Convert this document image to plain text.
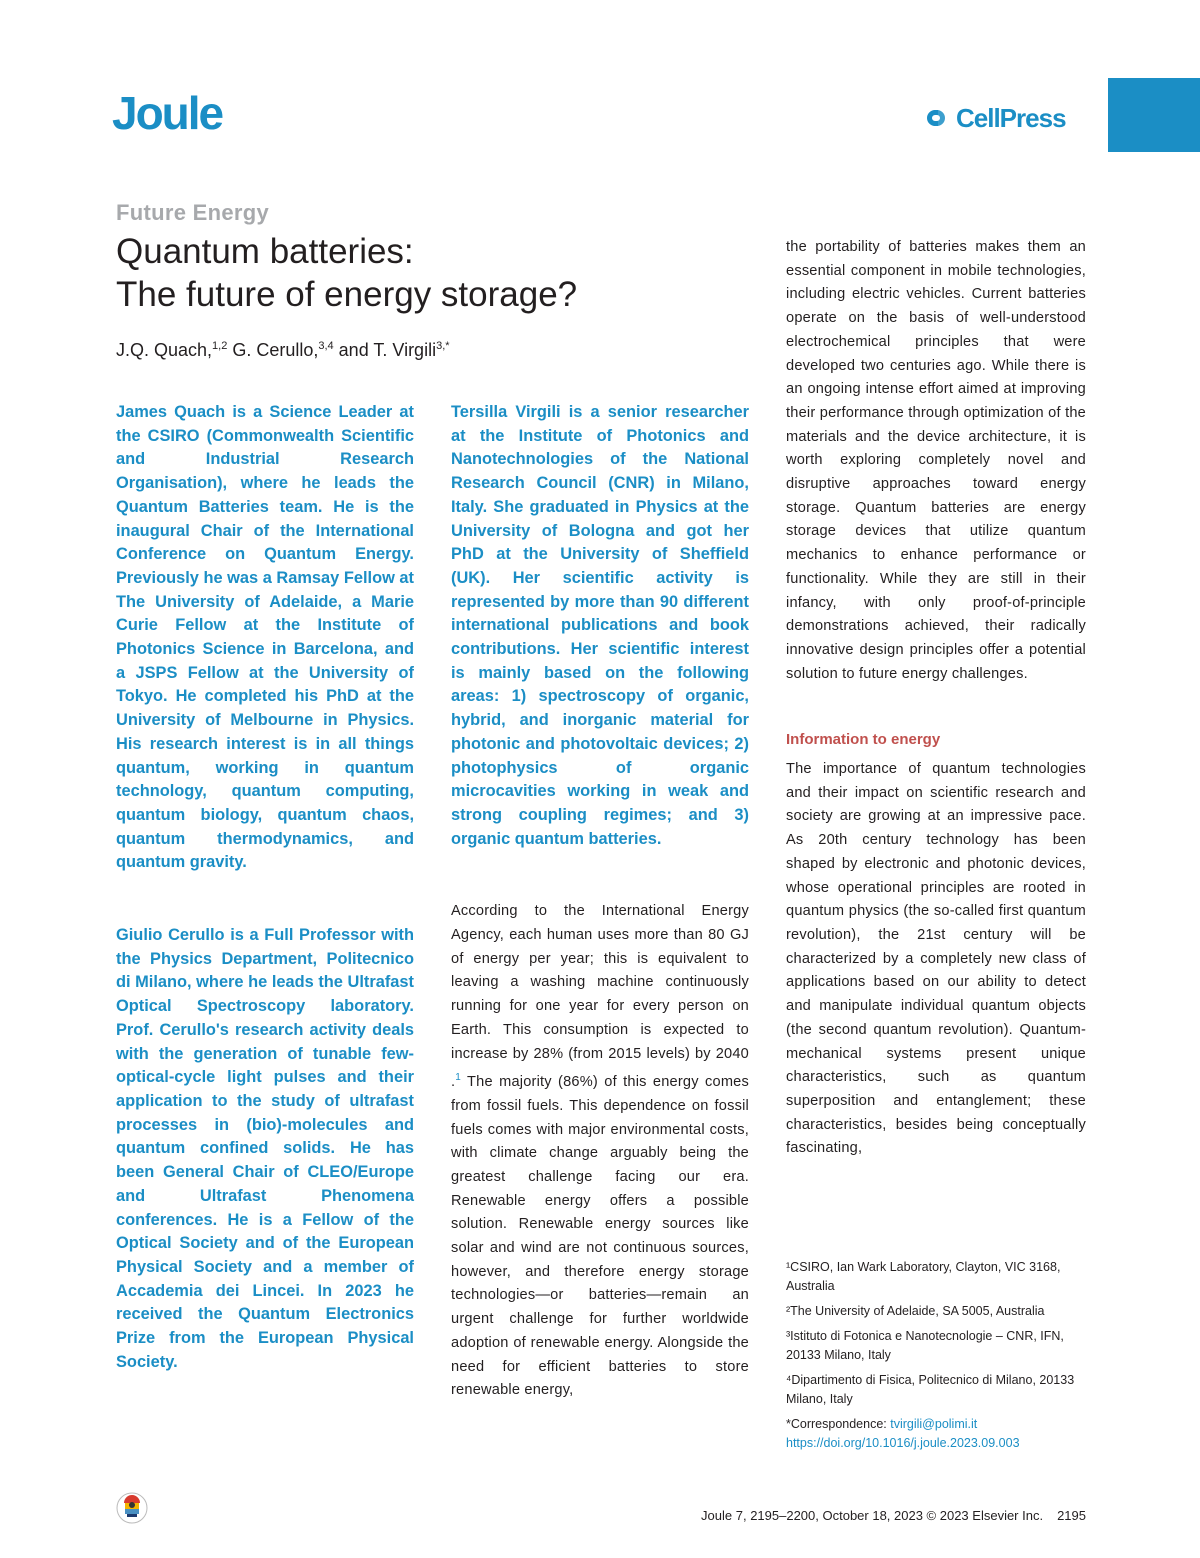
Joule	CellPress
Future Energy
Quantum batteries:
The future of energy storage?
J.Q. Quach,$^{1,2}$ G. Cerullo,$^{3,4}$ and T. Virgili$^{3,*}$

James Quach is a Science Leader at the CSIRO (Commonwealth Scientific and Industrial Research Organisation), where he leads the Quantum Batteries team. He is the inaugural Chair of the International Conference on Quantum Energy. Previously he was a Ramsay Fellow at The University of Adelaide, a Marie Curie Fellow at the Institute of Photonics Science in Barcelona, and a JSPS Fellow at the University of Tokyo. He completed his PhD at the University of Melbourne in Physics. His research interest is in all things quantum, working in quantum technology, quantum computing, quantum biology, quantum chaos, quantum thermodynamics, and quantum gravity.

Giulio Cerullo is a Full Professor with the Physics Department, Politecnico di Milano, where he leads the Ultrafast Optical Spectroscopy laboratory. Prof. Cerullo's research activity deals with the generation of tunable few-optical-cycle light pulses and their application to the study of ultrafast processes in (bio)-molecules and quantum confined solids. He has been General Chair of CLEO/Europe and Ultrafast Phenomena conferences. He is a Fellow of the Optical Society and of the European Physical Society and a member of Accademia dei Lincei. In 2023 he received the Quantum Electronics Prize from the European Physical Society.

Tersilla Virgili is a senior researcher at the Institute of Photonics and Nanotechnologies of the National Research Council (CNR) in Milano, Italy. She graduated in Physics at the University of Bologna and got her PhD at the University of Sheffield (UK). Her scientific activity is represented by more than 90 different international publications and book contributions. Her scientific interest is mainly based on the following areas: 1) spectroscopy of organic, hybrid, and inorganic material for photonic and photovoltaic devices; 2) photophysics of organic microcavities working in weak and strong coupling regimes; and 3) organic quantum batteries.

According to the International Energy Agency, each human uses more than 80 GJ of energy per year; this is equivalent to leaving a washing machine continuously running for one year for every person on Earth. This consumption is expected to increase by 28% (from 2015 levels) by 2040 .$^1$ The majority (86%) of this energy comes from fossil fuels. This dependence on fossil fuels comes with major environmental costs, with climate change arguably being the greatest challenge facing our era. Renewable energy offers a possible solution. Renewable energy sources like solar and wind are not continuous sources, however, and therefore energy storage technologies—or batteries—remain an urgent challenge for further worldwide adoption of renewable energy. Alongside the need for efficient batteries to store renewable energy,

the portability of batteries makes them an essential component in mobile technologies, including electric vehicles. Current batteries operate on the basis of well-understood electrochemical principles that were developed two centuries ago. While there is an ongoing intense effort aimed at improving their performance through optimization of the materials and the device architecture, it is worth exploring completely novel and disruptive approaches toward energy storage. Quantum batteries are energy storage devices that utilize quantum mechanics to enhance performance or functionality. While they are still in their infancy, with only proof-of-principle demonstrations achieved, their radically innovative design principles offer a potential solution to future energy challenges.

Information to energy

The importance of quantum technologies and their impact on scientific research and society are growing at an impressive pace. As 20th century technology has been shaped by electronic and photonic devices, whose operational principles are rooted in quantum physics (the so-called first quantum revolution), the 21st century will be characterized by a completely new class of applications based on our ability to detect and manipulate individual quantum objects (the second quantum revolution). Quantum-mechanical systems present unique characteristics, such as quantum superposition and entanglement; these characteristics, besides being conceptually fascinating,

¹CSIRO, Ian Wark Laboratory, Clayton, VIC 3168, Australia

²The University of Adelaide, SA 5005, Australia

³Istituto di Fotonica e Nanotecnologie – CNR, IFN, 20133 Milano, Italy

⁴Dipartimento di Fisica, Politecnico di Milano, 20133 Milano, Italy

*Correspondence: tvirgili@polimi.it

https://doi.org/10.1016/j.joule.2023.09.003

Joule 7, 2195–2200, October 18, 2023 © 2023 Elsevier Inc. 2195
